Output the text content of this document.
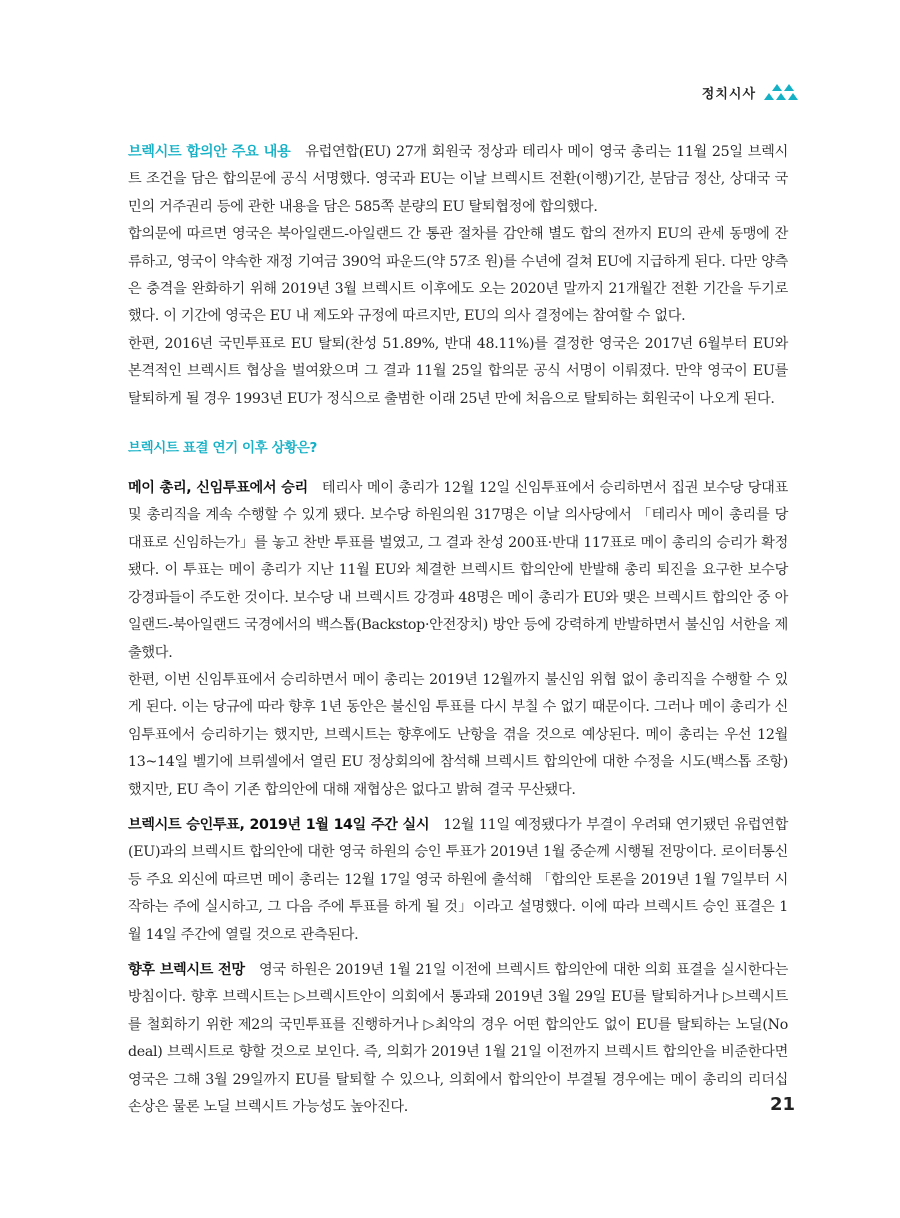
정치시사

브렉시트 합의안 주요 내용 유럽연합(EU) 27개 회원국 정상과 테리사 메이 영국 총리는 11월 25일 브렉시트 조건을 담은 합의문에 공식 서명했다. 영국과 EU는 이날 브렉시트 전환(이행)기간, 분담금 정산, 상대국 국민의 거주권리 등에 관한 내용을 담은 585쪽 분량의 EU 탈퇴협정에 합의했다.

합의문에 따르면 영국은 북아일랜드-아일랜드 간 통관 절차를 감안해 별도 합의 전까지 EU의 관세 동맹에 잔류하고, 영국이 약속한 재정 기여금 390억 파운드(약 57조 원)를 수년에 걸쳐 EU에 지급하게 된다. 다만 양측은 충격을 완화하기 위해 2019년 3월 브렉시트 이후에도 오는 2020년 말까지 21개월간 전환 기간을 두기로 했다. 이 기간에 영국은 EU 내 제도와 규정에 따르지만, EU의 의사 결정에는 참여할 수 없다.

한편, 2016년 국민투표로 EU 탈퇴(찬성 51.89%, 반대 48.11%)를 결정한 영국은 2017년 6월부터 EU와 본격적인 브렉시트 협상을 벌여왔으며 그 결과 11월 25일 합의문 공식 서명이 이뤄졌다. 만약 영국이 EU를 탈퇴하게 될 경우 1993년 EU가 정식으로 출범한 이래 25년 만에 처음으로 탈퇴하는 회원국이 나오게 된다.

브렉시트 표결 연기 이후 상황은?

메이 총리, 신임투표에서 승리 테리사 메이 총리가 12월 12일 신임투표에서 승리하면서 집권 보수당 당대표 및 총리직을 계속 수행할 수 있게 됐다. 보수당 하원의원 317명은 이날 의사당에서 「테리사 메이 총리를 당 대표로 신임하는가」를 놓고 찬반 투표를 벌였고, 그 결과 찬성 200표·반대 117표로 메이 총리의 승리가 확정됐다. 이 투표는 메이 총리가 지난 11월 EU와 체결한 브렉시트 합의안에 반발해 총리 퇴진을 요구한 보수당 강경파들이 주도한 것이다. 보수당 내 브렉시트 강경파 48명은 메이 총리가 EU와 맺은 브렉시트 합의안 중 아일랜드-북아일랜드 국경에서의 백스톱(Backstop·안전장치) 방안 등에 강력하게 반발하면서 불신임 서한을 제출했다.

한편, 이번 신임투표에서 승리하면서 메이 총리는 2019년 12월까지 불신임 위협 없이 총리직을 수행할 수 있게 된다. 이는 당규에 따라 향후 1년 동안은 불신임 투표를 다시 부칠 수 없기 때문이다. 그러나 메이 총리가 신임투표에서 승리하기는 했지만, 브렉시트는 향후에도 난항을 겪을 것으로 예상된다. 메이 총리는 우선 12월 13~14일 벨기에 브뤼셀에서 열린 EU 정상회의에 참석해 브렉시트 합의안에 대한 수정을 시도(백스톱 조항)했지만, EU 측이 기존 합의안에 대해 재협상은 없다고 밝혀 결국 무산됐다.

브렉시트 승인투표, 2019년 1월 14일 주간 실시 12월 11일 예정됐다가 부결이 우려돼 연기됐던 유럽연합(EU)과의 브렉시트 합의안에 대한 영국 하원의 승인 투표가 2019년 1월 중순께 시행될 전망이다. 로이터통신 등 주요 외신에 따르면 메이 총리는 12월 17일 영국 하원에 출석해 「합의안 토론을 2019년 1월 7일부터 시작하는 주에 실시하고, 그 다음 주에 투표를 하게 될 것」이라고 설명했다. 이에 따라 브렉시트 승인 표결은 1월 14일 주간에 열릴 것으로 관측된다.

향후 브렉시트 전망 영국 하원은 2019년 1월 21일 이전에 브렉시트 합의안에 대한 의회 표결을 실시한다는 방침이다. 향후 브렉시트는 ▷브렉시트안이 의회에서 통과돼 2019년 3월 29일 EU를 탈퇴하거나 ▷브렉시트를 철회하기 위한 제2의 국민투표를 진행하거나 ▷최악의 경우 어떤 합의안도 없이 EU를 탈퇴하는 노딜(No deal) 브렉시트로 향할 것으로 보인다. 즉, 의회가 2019년 1월 21일 이전까지 브렉시트 합의안을 비준한다면 영국은 그해 3월 29일까지 EU를 탈퇴할 수 있으나, 의회에서 합의안이 부결될 경우에는 메이 총리의 리더십 손상은 물론 노딜 브렉시트 가능성도 높아진다.	21
